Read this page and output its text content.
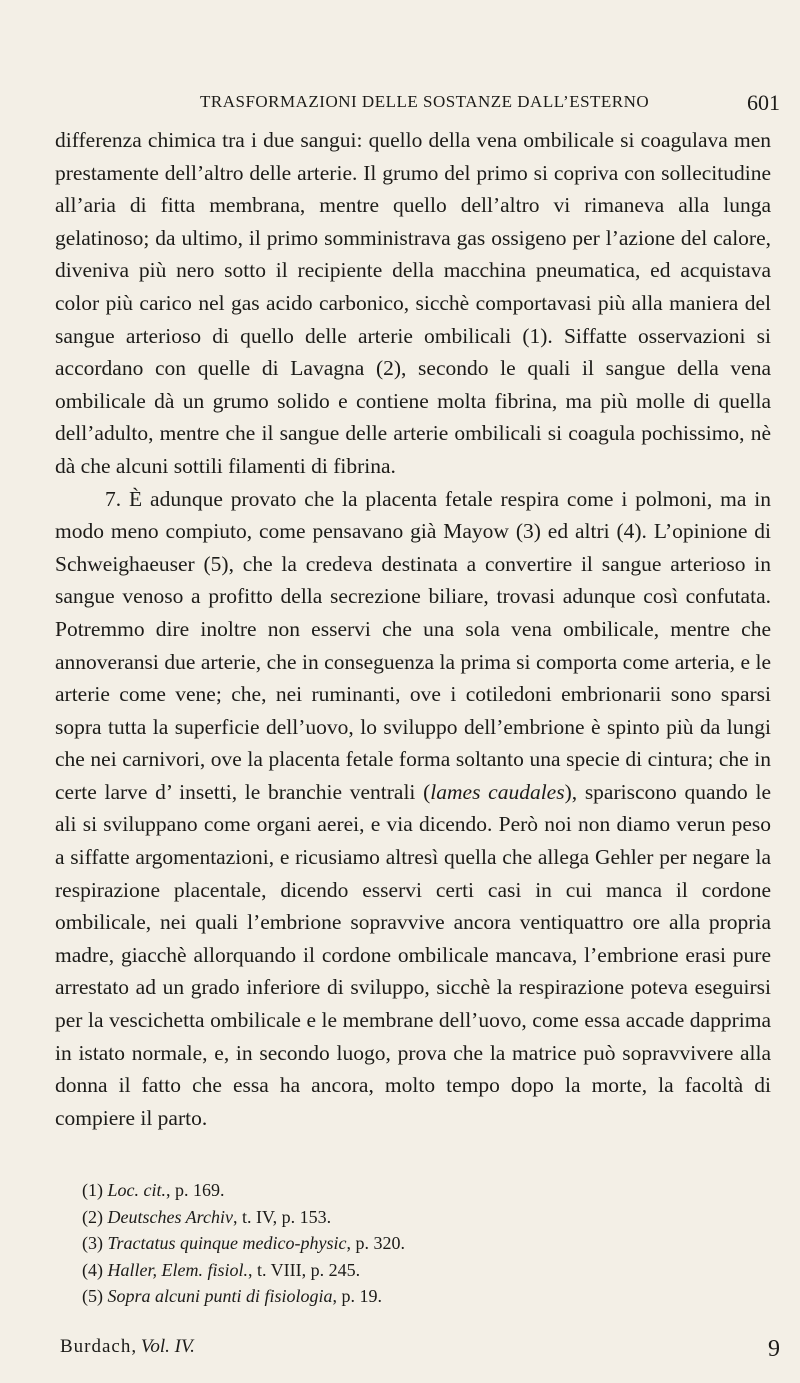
TRASFORMAZIONI DELLE SOSTANZE DALL’ESTERNO	601

differenza chimica tra i due sangui: quello della vena ombilicale si coagulava men prestamente dell’altro delle arterie. Il grumo del primo si copriva con sollecitudine all’aria di fitta membrana, mentre quello dell’altro vi rimaneva alla lunga gelatinoso; da ultimo, il primo somministrava gas ossigeno per l’azione del calore, diveniva più nero sotto il recipiente della macchina pneumatica, ed acquistava color più carico nel gas acido carbonico, sicchè comportavasi più alla maniera del sangue arterioso di quello delle arterie ombilicali (1). Siffatte osservazioni si accordano con quelle di Lavagna (2), secondo le quali il sangue della vena ombilicale dà un grumo solido e contiene molta fibrina, ma più molle di quella dell’adulto, mentre che il sangue delle arterie ombilicali si coagula pochissimo, nè dà che alcuni sottili filamenti di fibrina.

7. È adunque provato che la placenta fetale respira come i polmoni, ma in modo meno compiuto, come pensavano già Mayow (3) ed altri (4). L’opinione di Schweighaeuser (5), che la credeva destinata a convertire il sangue arterioso in sangue venoso a profitto della secrezione biliare, trovasi adunque così confutata. Potremmo dire inoltre non esservi che una sola vena ombilicale, mentre che annoveransi due arterie, che in conseguenza la prima si comporta come arteria, e le arterie come vene; che, nei ruminanti, ove i cotiledoni embrionarii sono sparsi sopra tutta la superficie dell’uovo, lo sviluppo dell’embrione è spinto più da lungi che nei carnivori, ove la placenta fetale forma soltanto una specie di cintura; che in certe larve d’ insetti, le branchie ventrali (lames caudales), spariscono quando le ali si sviluppano come organi aerei, e via dicendo. Però noi non diamo verun peso a siffatte argomentazioni, e ricusiamo altresì quella che allega Gehler per negare la respirazione placentale, dicendo esservi certi casi in cui manca il cordone ombilicale, nei quali l’embrione sopravvive ancora ventiquattro ore alla propria madre, giacchè allorquando il cordone ombilicale mancava, l’embrione erasi pure arrestato ad un grado inferiore di sviluppo, sicchè la respirazione poteva eseguirsi per la vescichetta ombilicale e le membrane dell’uovo, come essa accade dapprima in istato normale, e, in secondo luogo, prova che la matrice può sopravvivere alla donna il fatto che essa ha ancora, molto tempo dopo la morte, la facoltà di compiere il parto.

(1) Loc. cit., p. 169.
(2) Deutsches Archiv, t. IV, p. 153.
(3) Tractatus quinque medico-physic, p. 320.
(4) Haller, Elem. fisiol., t. VIII, p. 245.
(5) Sopra alcuni punti di fisiologia, p. 19.
Burdach, Vol. IV.	9
